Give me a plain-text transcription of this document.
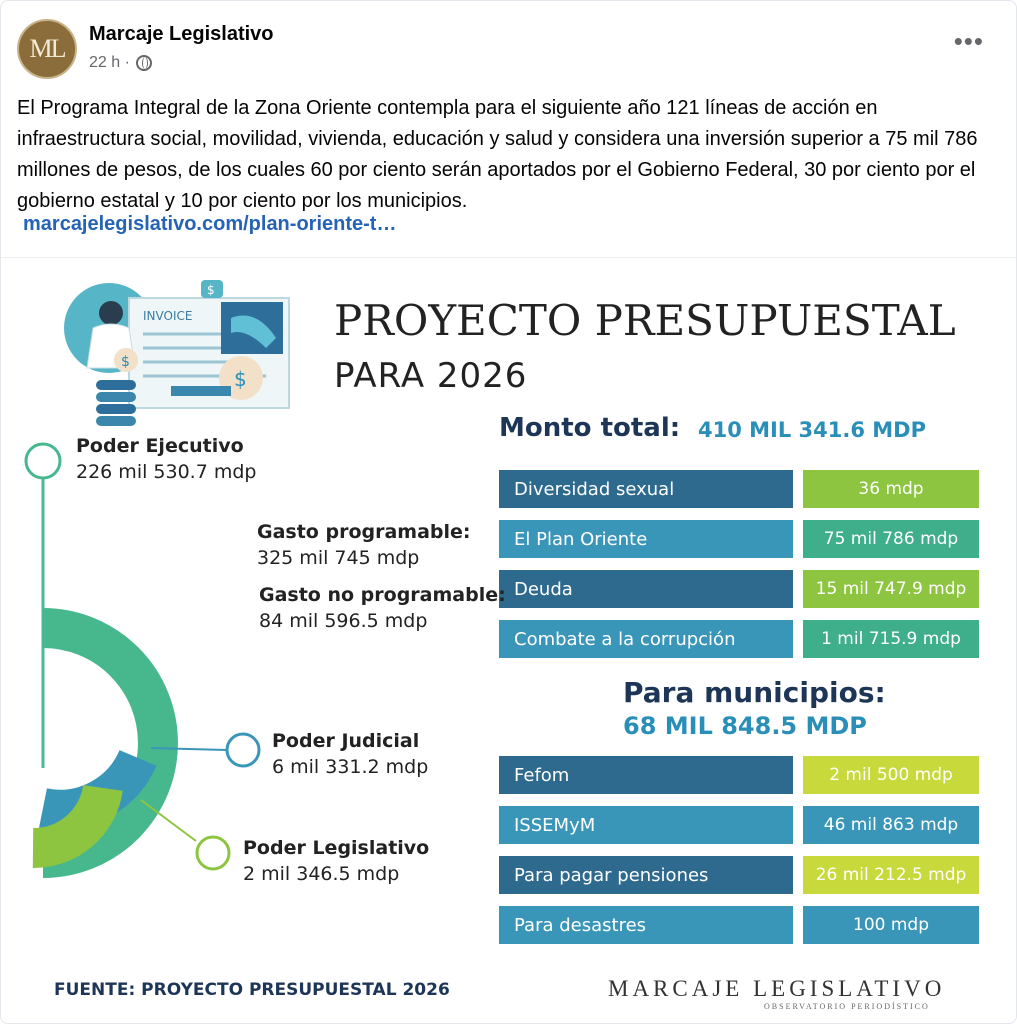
ML	Marcaje Legislativo
22 h ·
•••
El Programa Integral de la Zona Oriente contempla para el siguiente año 121 líneas de acción en infraestructura social, movilidad, vivienda, educación y salud y considera una inversión superior a 75 mil 786 millones de pesos, de los cuales 60 por ciento serán aportados por el Gobierno Federal, 30 por ciento por el gobierno estatal y 10 por ciento por los municipios.
marcajelegislativo.com/plan-oriente-t…
INVOICE
$
$
$
PROYECTO PRESUPUESTAL
PARA 2026
Monto total: 410 MIL 341.6 MDP
Diversidad sexual	36 mdp
El Plan Oriente	75 mil 786 mdp
Deuda	15 mil 747.9 mdp
Combate a la corrupción	1 mil 715.9 mdp
Para municipios:
68 MIL 848.5 MDP
Fefom	2 mil 500 mdp
ISSEMyM	46 mil 863 mdp
Para pagar pensiones	26 mil 212.5 mdp
Para desastres	100 mdp
Poder Ejecutivo
226 mil 530.7 mdp
Gasto programable:
325 mil 745 mdp
Gasto no programable:
84 mil 596.5 mdp
Poder Judicial
6 mil 331.2 mdp
Poder Legislativo
2 mil 346.5 mdp
FUENTE: PROYECTO PRESUPUESTAL 2026	MARCAJE LEGISLATIVO
OBSERVATORIO PERIODÍSTICO
